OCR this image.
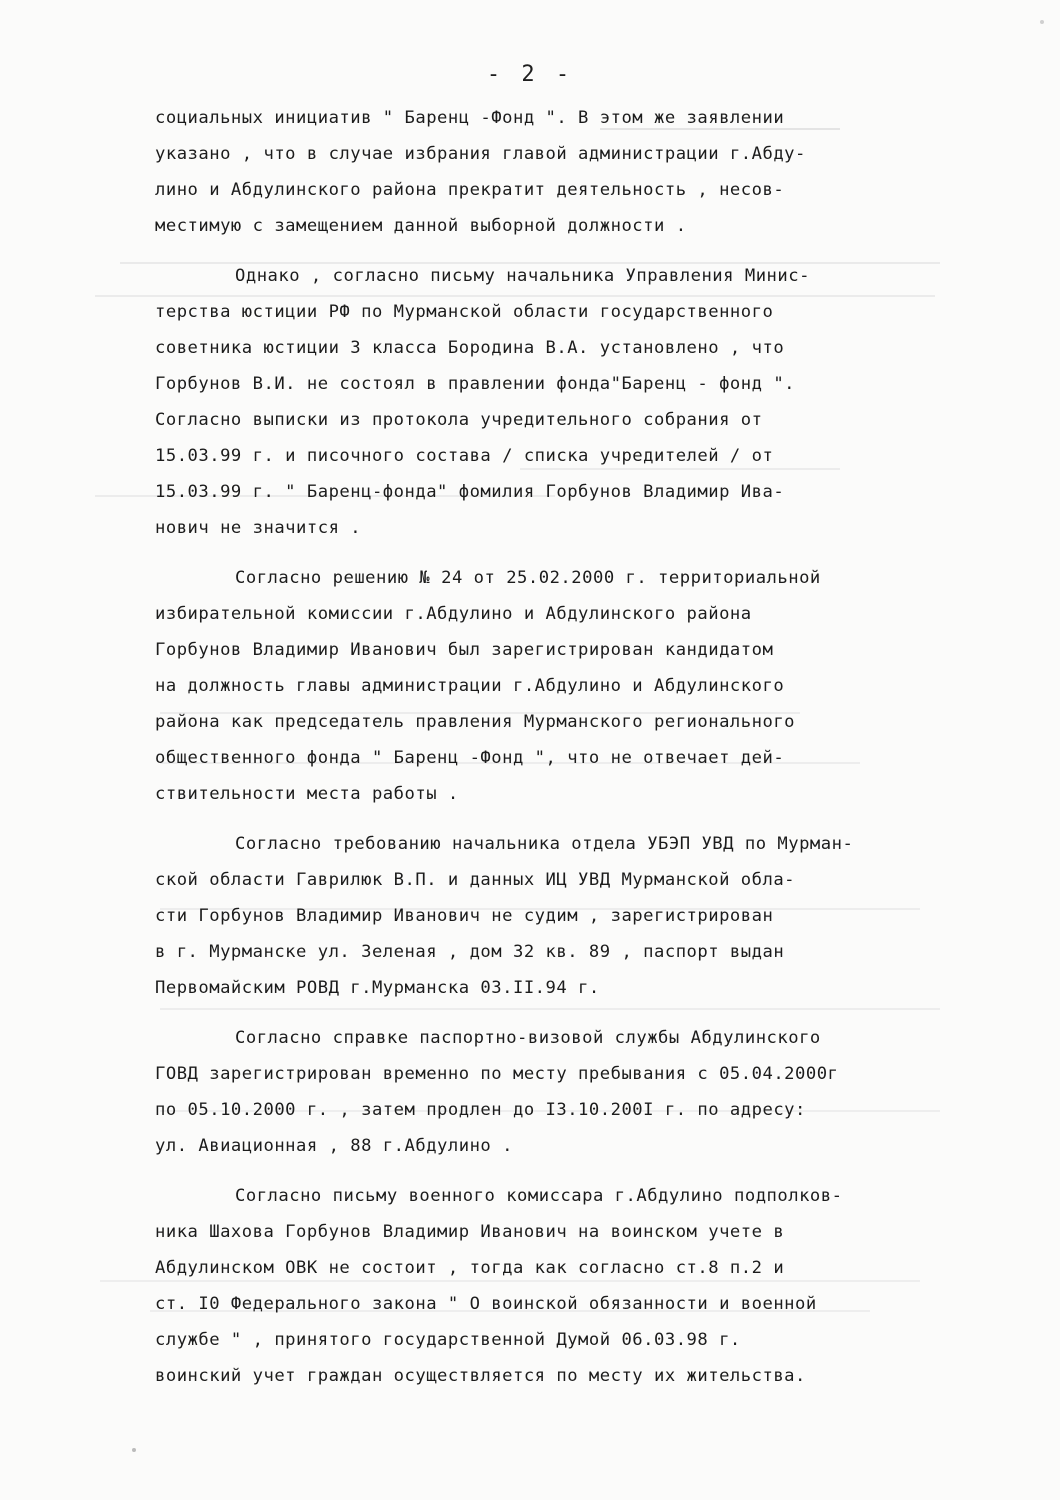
- 2 -

социальных инициатив " Баренц -Фонд ". В этом же заявлении
указано , что в случае избрания главой администрации г.Абду-
лино и Абдулинского района прекратит деятельность , несов-
местимую с замещением данной выборной должности .

Однако , согласно письму начальника Управления Минис-
терства юстиции РФ по Мурманской области государственного
советника юстиции 3 класса Бородина В.А. установлено , что
Горбунов В.И. не состоял в правлении фонда"Баренц - фонд ".
Согласно выписки из протокола учредительного собрания от
15.03.99 г. и писочного состава / списка учредителей / от
15.03.99 г. " Баренц-фонда" фомилия Горбунов Владимир Ива-
нович не значится .

Согласно решению № 24 от 25.02.2000 г. территориальной
избирательной комиссии г.Абдулино и Абдулинского района
Горбунов Владимир Иванович был зарегистрирован кандидатом
на должность главы администрации г.Абдулино и Абдулинского
района как председатель правления Мурманского регионального
общественного фонда " Баренц -Фонд ", что не отвечает дей-
ствительности места работы .

Согласно требованию начальника отдела УБЭП УВД по Мурман-
ской области Гаврилюк В.П. и данных ИЦ УВД Мурманской обла-
сти Горбунов Владимир Иванович не судим , зарегистрирован
в г. Мурманске ул. Зеленая , дом 32 кв. 89 , паспорт выдан
Первомайским РОВД г.Мурманска 03.II.94 г.

Согласно справке паспортно-визовой службы Абдулинского
ГОВД зарегистрирован временно по месту пребывания с 05.04.2000г
по 05.10.2000 г. , затем продлен до I3.10.200I г. по адресу:
ул. Авиационная , 88 г.Абдулино .

Согласно письму военного комиссара г.Абдулино подполков-
ника Шахова Горбунов Владимир Иванович на воинском учете в
Абдулинском ОВК не состоит , тогда как согласно ст.8 п.2 и
ст. I0 Федерального закона " О воинской обязанности и военной
службе " , принятого государственной Думой 06.03.98 г.
воинский учет граждан осуществляется по месту их жительства.
